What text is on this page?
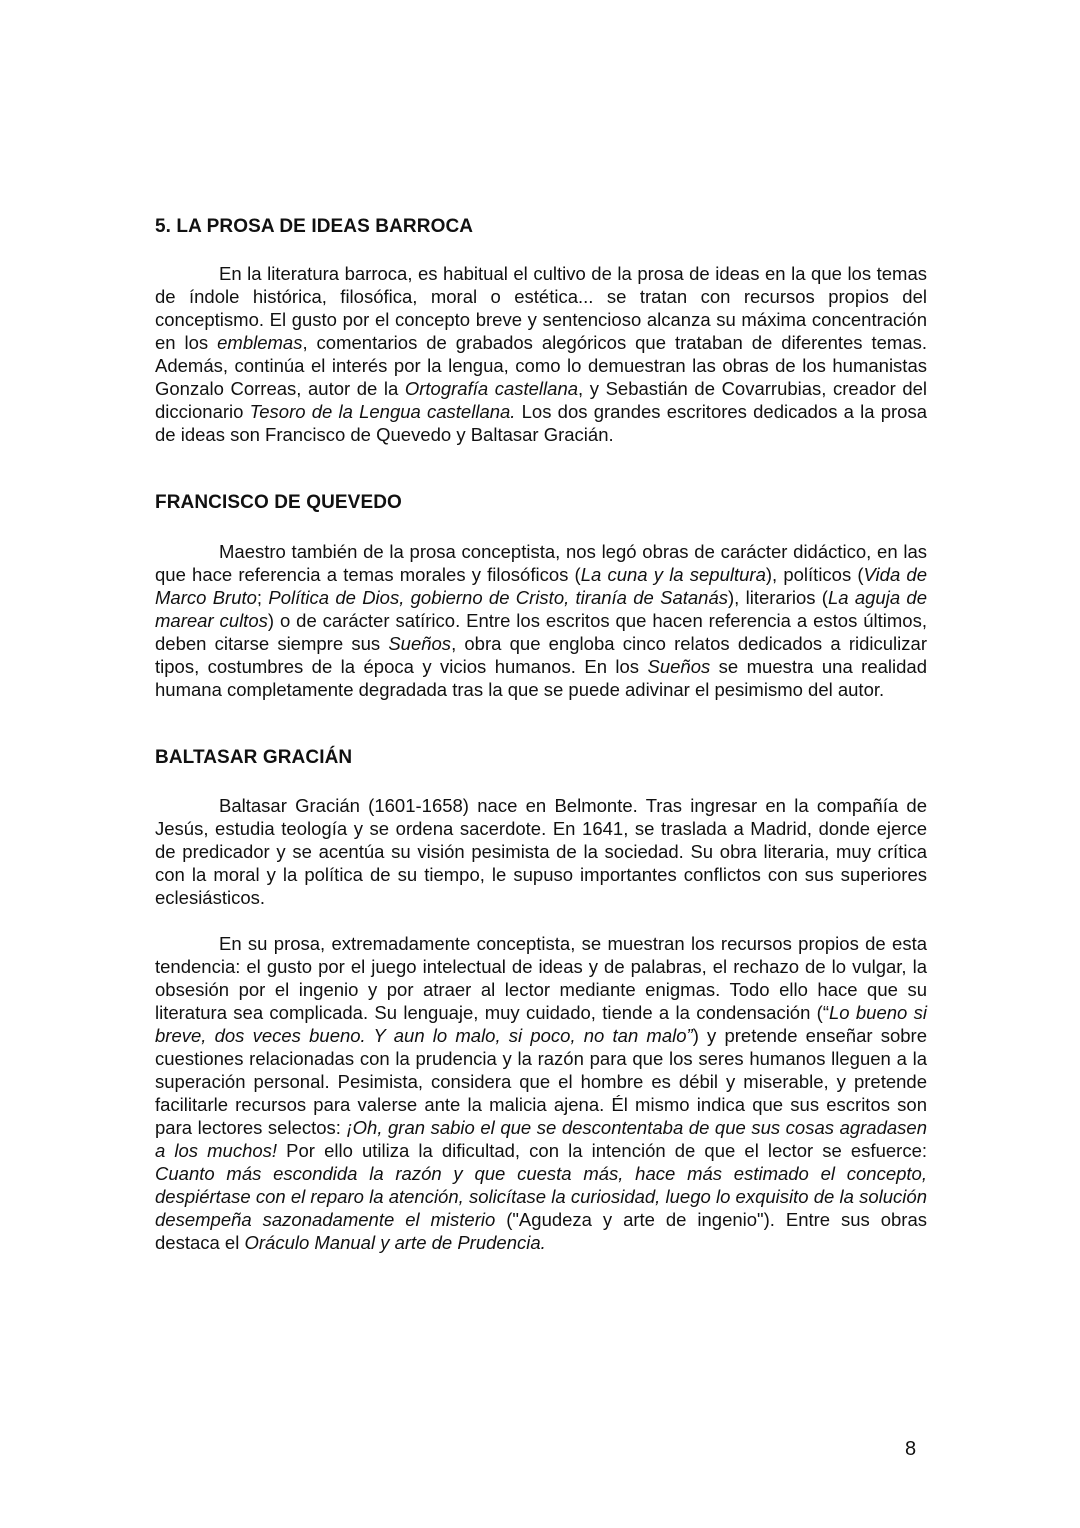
5. LA PROSA DE IDEAS BARROCA

En la literatura barroca, es habitual el cultivo de la prosa de ideas en la que los temas de índole histórica, filosófica, moral o estética... se tratan con recursos propios del conceptismo. El gusto por el concepto breve y sentencioso alcanza su máxima concentración en los emblemas, comentarios de grabados alegóricos que trataban de diferentes temas. Además, continúa el interés por la lengua, como lo demuestran las obras de los humanistas Gonzalo Correas, autor de la Ortografía castellana, y Sebastián de Covarrubias, creador del diccionario Tesoro de la Lengua castellana. Los dos grandes escritores dedicados a la prosa de ideas son Francisco de Quevedo y Baltasar Gracián.

FRANCISCO DE QUEVEDO

Maestro también de la prosa conceptista, nos legó obras de carácter didáctico, en las que hace referencia a temas morales y filosóficos (La cuna y la sepultura), políticos (Vida de Marco Bruto; Política de Dios, gobierno de Cristo, tiranía de Satanás), literarios (La aguja de marear cultos) o de carácter satírico. Entre los escritos que hacen referencia a estos últimos, deben citarse siempre sus Sueños, obra que engloba cinco relatos dedicados a ridiculizar tipos, costumbres de la época y vicios humanos. En los Sueños se muestra una realidad humana completamente degradada tras la que se puede adivinar el pesimismo del autor.

BALTASAR GRACIÁN

Baltasar Gracián (1601-1658) nace en Belmonte. Tras ingresar en la compañía de Jesús, estudia teología y se ordena sacerdote. En 1641, se traslada a Madrid, donde ejerce de predicador y se acentúa su visión pesimista de la sociedad. Su obra literaria, muy crítica con la moral y la política de su tiempo, le supuso importantes conflictos con sus superiores eclesiásticos.

En su prosa, extremadamente conceptista, se muestran los recursos propios de esta tendencia: el gusto por el juego intelectual de ideas y de palabras, el rechazo de lo vulgar, la obsesión por el ingenio y por atraer al lector mediante enigmas. Todo ello hace que su literatura sea complicada. Su lenguaje, muy cuidado, tiende a la condensación (“Lo bueno si breve, dos veces bueno. Y aun lo malo, si poco, no tan malo”) y pretende enseñar sobre cuestiones relacionadas con la prudencia y la razón para que los seres humanos lleguen a la superación personal. Pesimista, considera que el hombre es débil y miserable, y pretende facilitarle recursos para valerse ante la malicia ajena. Él mismo indica que sus escritos son para lectores selectos: ¡Oh, gran sabio el que se descontentaba de que sus cosas agradasen a los muchos! Por ello utiliza la dificultad, con la intención de que el lector se esfuerce: Cuanto más escondida la razón y que cuesta más, hace más estimado el concepto, despiértase con el reparo la atención, solicítase la curiosidad, luego lo exquisito de la solución desempeña sazonadamente el misterio ("Agudeza y arte de ingenio"). Entre sus obras destaca el Oráculo Manual y arte de Prudencia.

8
